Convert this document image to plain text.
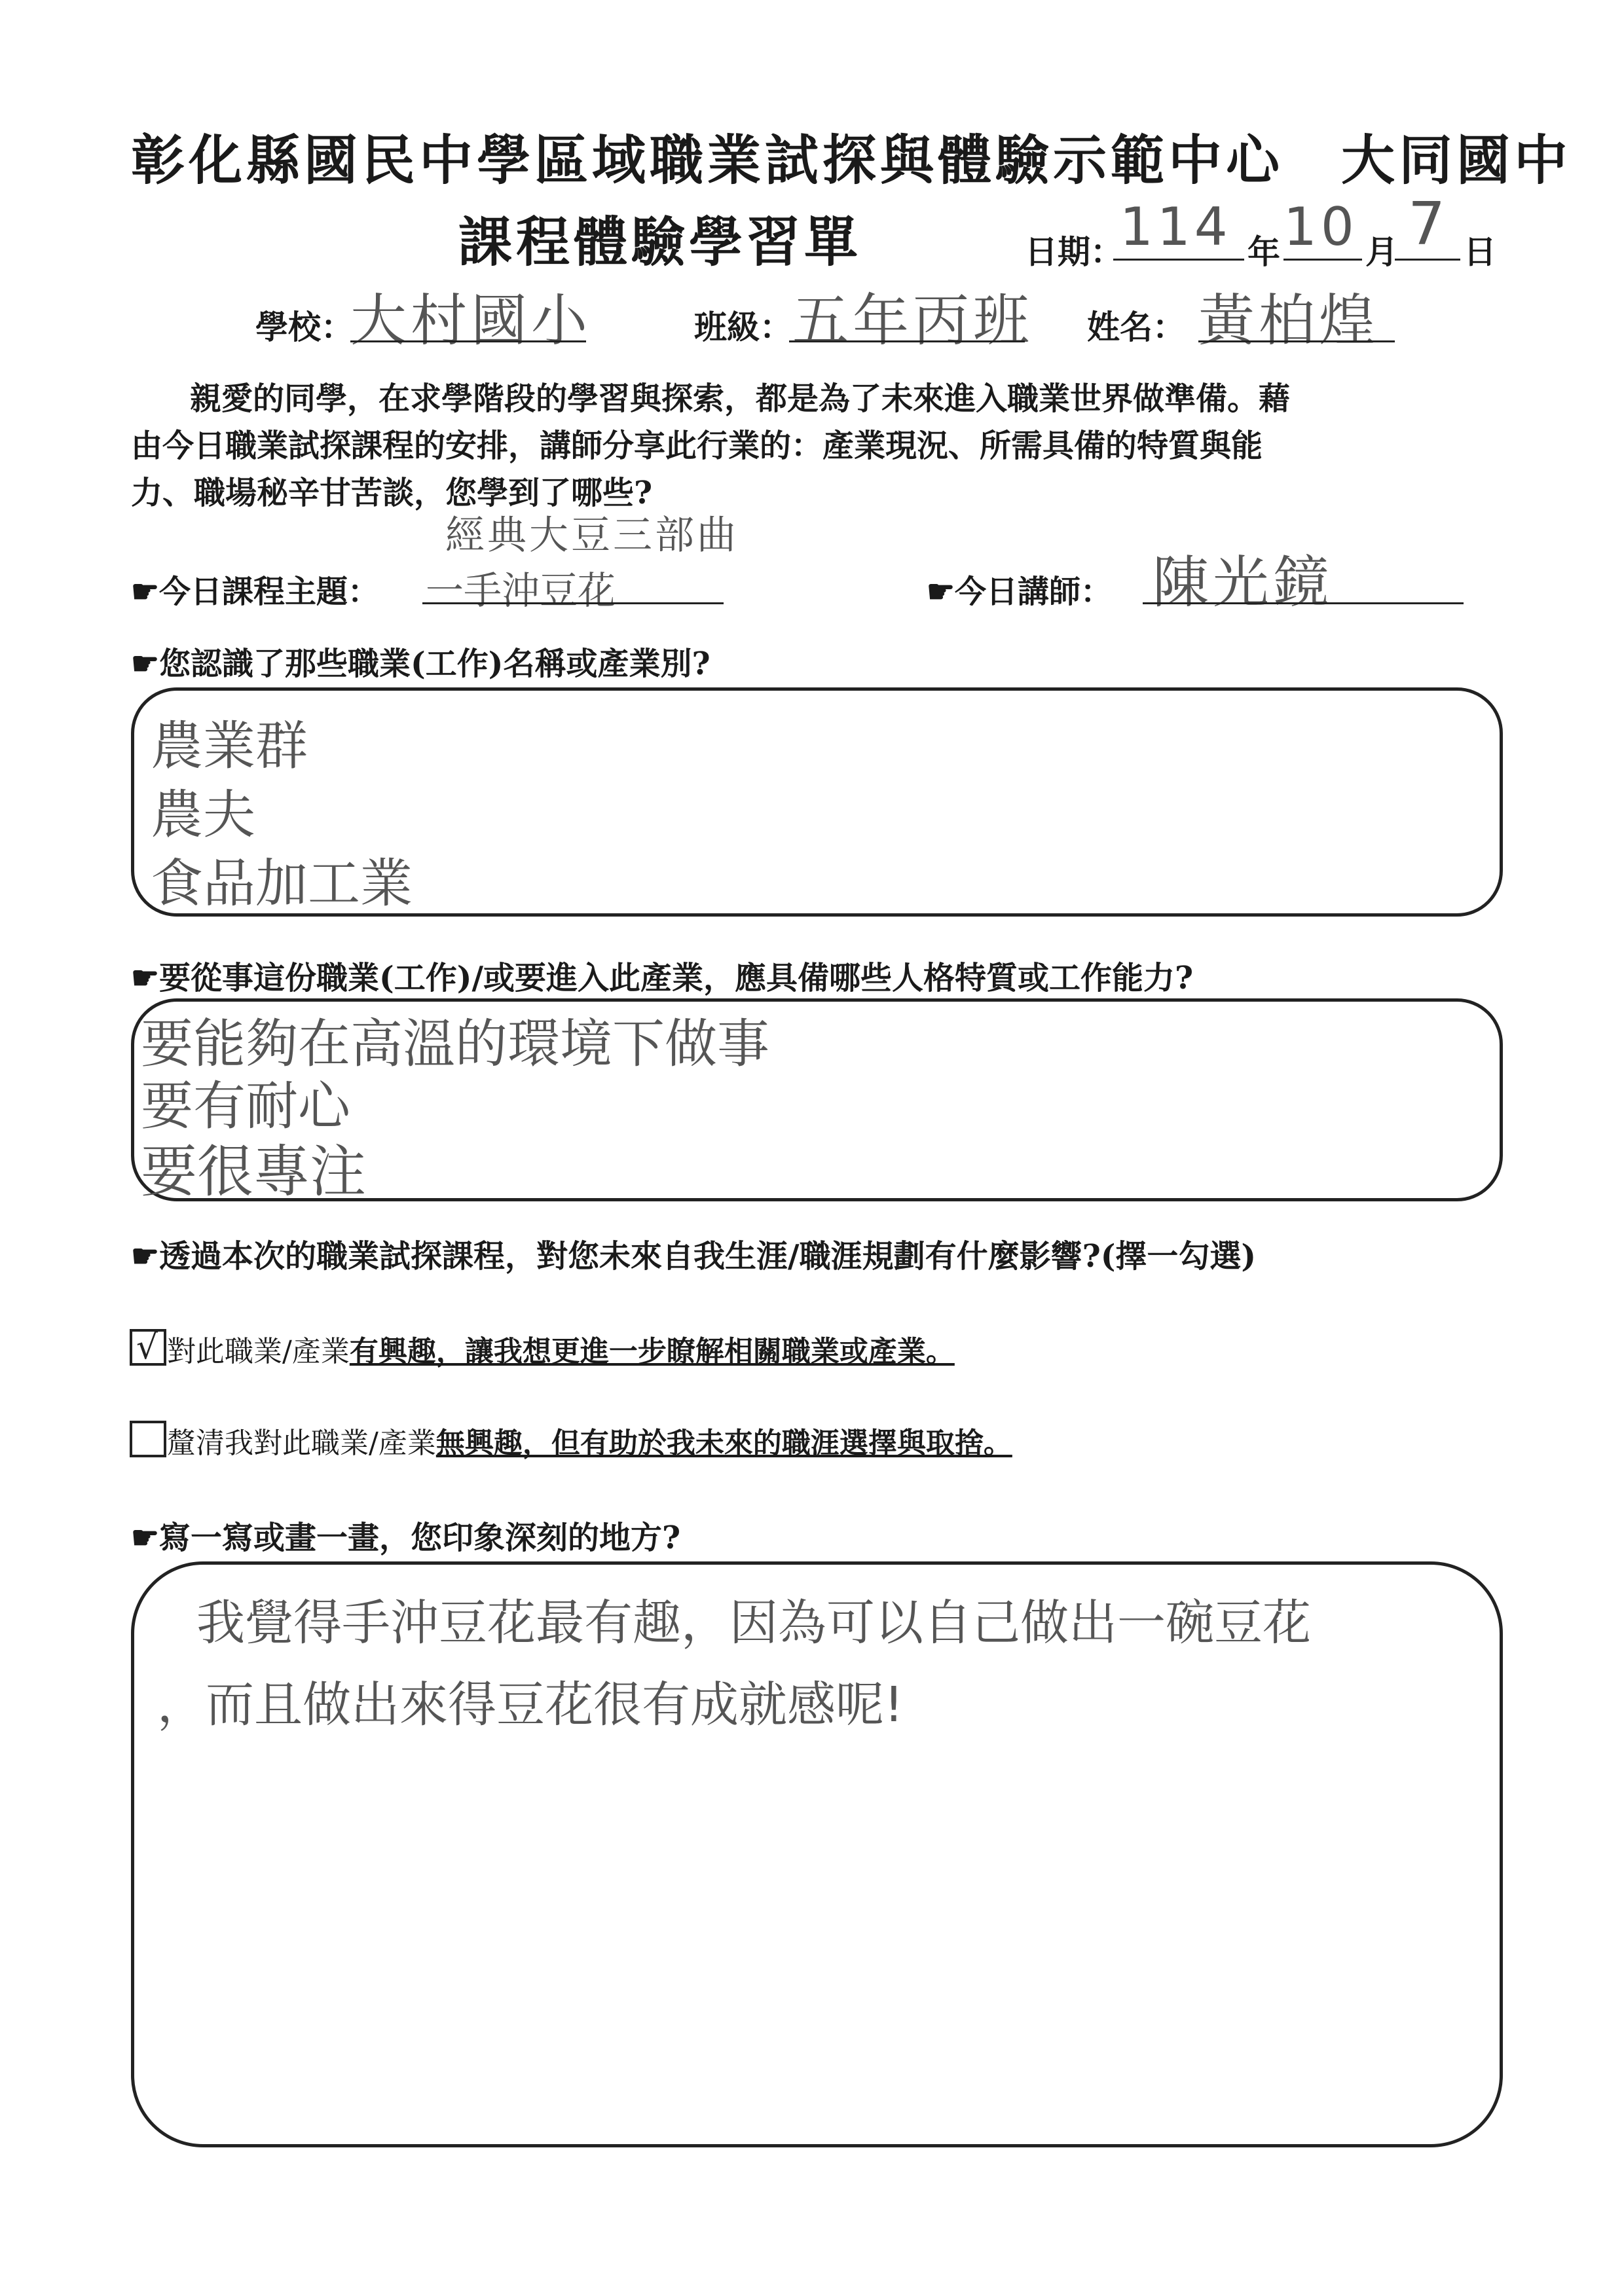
彰化縣國民中學區域職業試探與體驗示範中心　大同國中
課程體驗學習單	日期：
114 年 10 月 7 日
學校：
大村國小	班級： 五年丙班 姓名： 黃柏煌
親愛的同學，在求學階段的學習與探索，都是為了未來進入職業世界做準備。藉
由今日職業試探課程的安排，講師分享此行業的：產業現況、所需具備的特質與能
力、職場秘辛甘苦談，您學到了哪些?
☛今日課程主題：
經典大豆三部曲
一手沖豆花	☛今日講師： 陳光鏡
☛您認識了那些職業(工作)名稱或產業別?
農業群
農夫
食品加工業
☛要從事這份職業(工作)/或要進入此產業，應具備哪些人格特質或工作能力?
要能夠在高溫的環境下做事
要有耐心
要很專注
☛透過本次的職業試探課程，對您未來自我生涯/職涯規劃有什麼影響?(擇一勾選)
√ 對此職業/產業有興趣，讓我想更進一步瞭解相關職業或產業。
釐清我對此職業/產業無興趣，但有助於我未來的職涯選擇與取捨。
☛寫一寫或畫一畫，您印象深刻的地方?
我覺得手沖豆花最有趣，因為可以自己做出一碗豆花
，而且做出來得豆花很有成就感呢!
